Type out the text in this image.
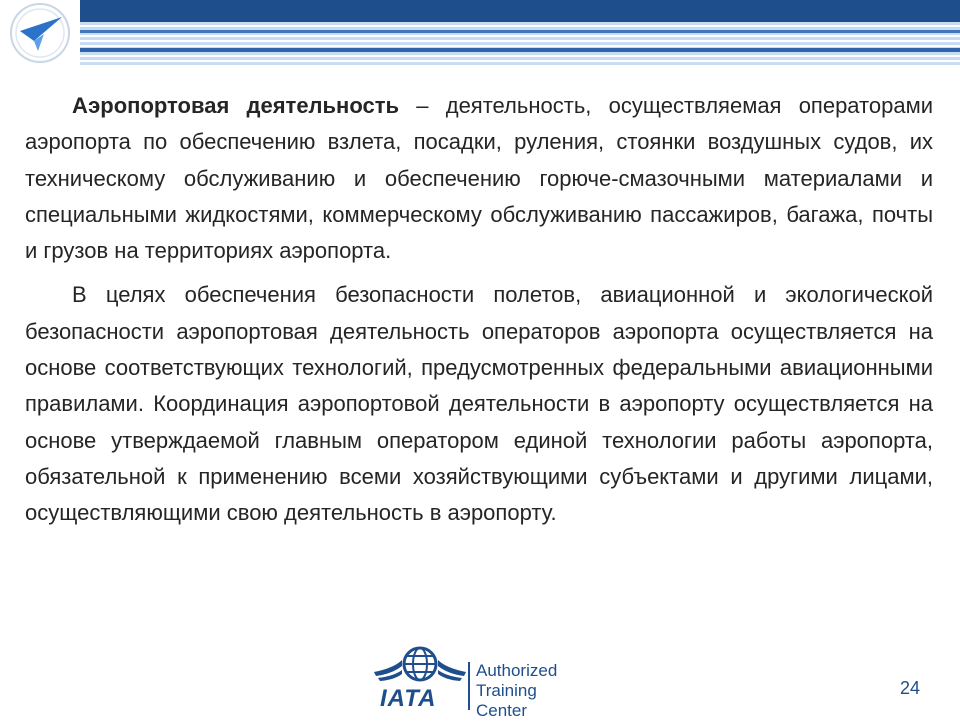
Аэропортовая деятельность – деятельность, осуществляемая операторами аэропорта по обеспечению взлета, посадки, руления, стоянки воздушных судов, их техническому обслуживанию и обеспечению горюче-смазочными материалами и специальными жидкостями, коммерческому обслуживанию пассажиров, багажа, почты и грузов на территориях аэропорта.

В целях обеспечения безопасности полетов, авиационной и экологической безопасности аэропортовая деятельность операторов аэропорта осуществляется на основе соответствующих технологий, предусмотренных федеральными авиационными правилами. Координация аэропортовой деятельности в аэропорту осуществляется на основе утверждаемой главным оператором единой технологии работы аэропорта, обязательной к применению всеми хозяйствующими субъектами и другими лицами, осуществляющими свою деятельность в аэропорту.

IATA
Authorized
Training Center
24
